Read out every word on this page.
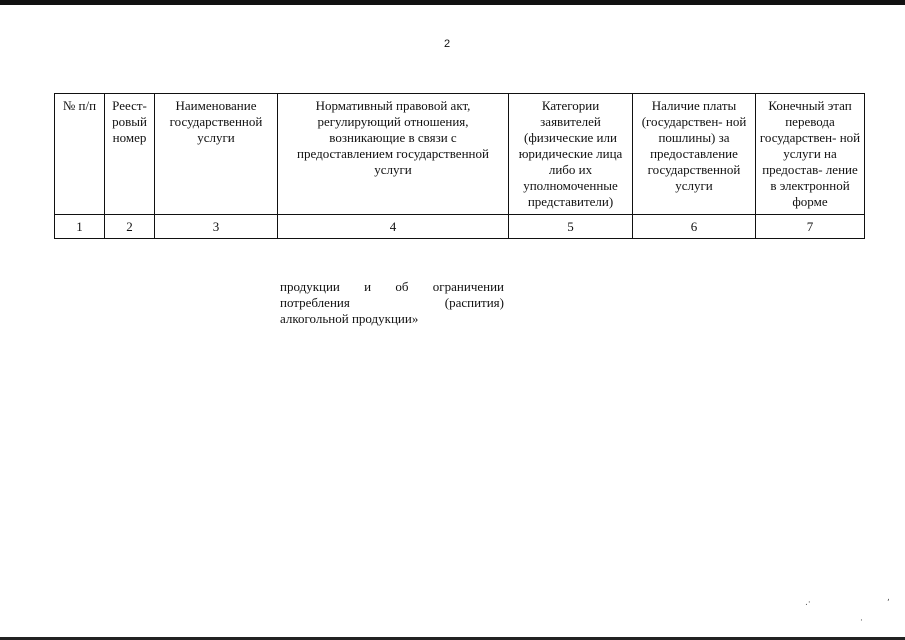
2
№ п/п	Реест- ровый номер	Наименование государственной услуги	Нормативный правовой акт, регулирующий отношения, возникающие в связи с предоставлением государственной услуги	Категории заявителей (физические или юридические лица либо их уполномоченные представители)	Наличие платы (государствен- ной пошлины) за предоставление государственной услуги	Конечный этап перевода государствен- ной услуги на предостав- ление в электронной форме
1	2	3	4	5	6	7
продукции и об ограничении
потребления (распития)
алкогольной продукции»
.·	,
·
